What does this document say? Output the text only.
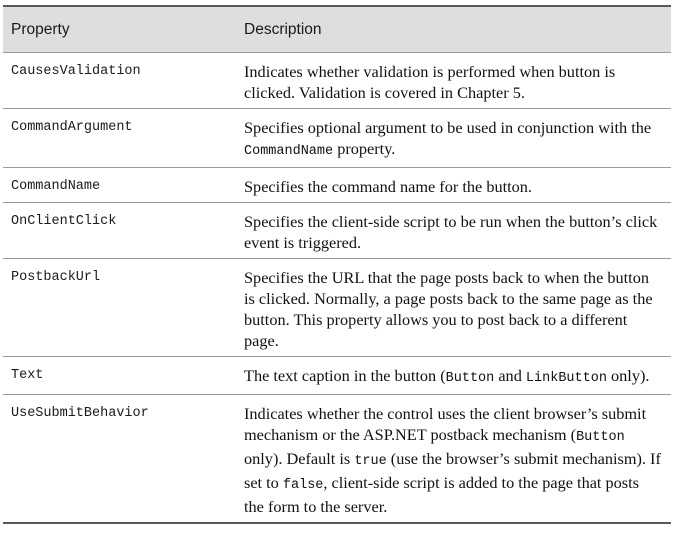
Property	Description
CausesValidation	Indicates whether validation is performed when button is clicked. Validation is covered in Chapter 5.
CommandArgument	Specifies optional argument to be used in conjunction with the CommandName property.
CommandName	Specifies the command name for the button.
OnClientClick	Specifies the client-side script to be run when the button’s click event is triggered.
PostbackUrl	Specifies the URL that the page posts back to when the button is clicked. Normally, a page posts back to the same page as the button. This property allows you to post back to a different page.
Text	The text caption in the button (Button and LinkButton only).
UseSubmitBehavior	Indicates whether the control uses the client browser’s submit mechanism or the ASP.NET postback mechanism (Button only). Default is true (use the browser’s submit mechanism). If set to false, client-side script is added to the page that posts the form to the server.
